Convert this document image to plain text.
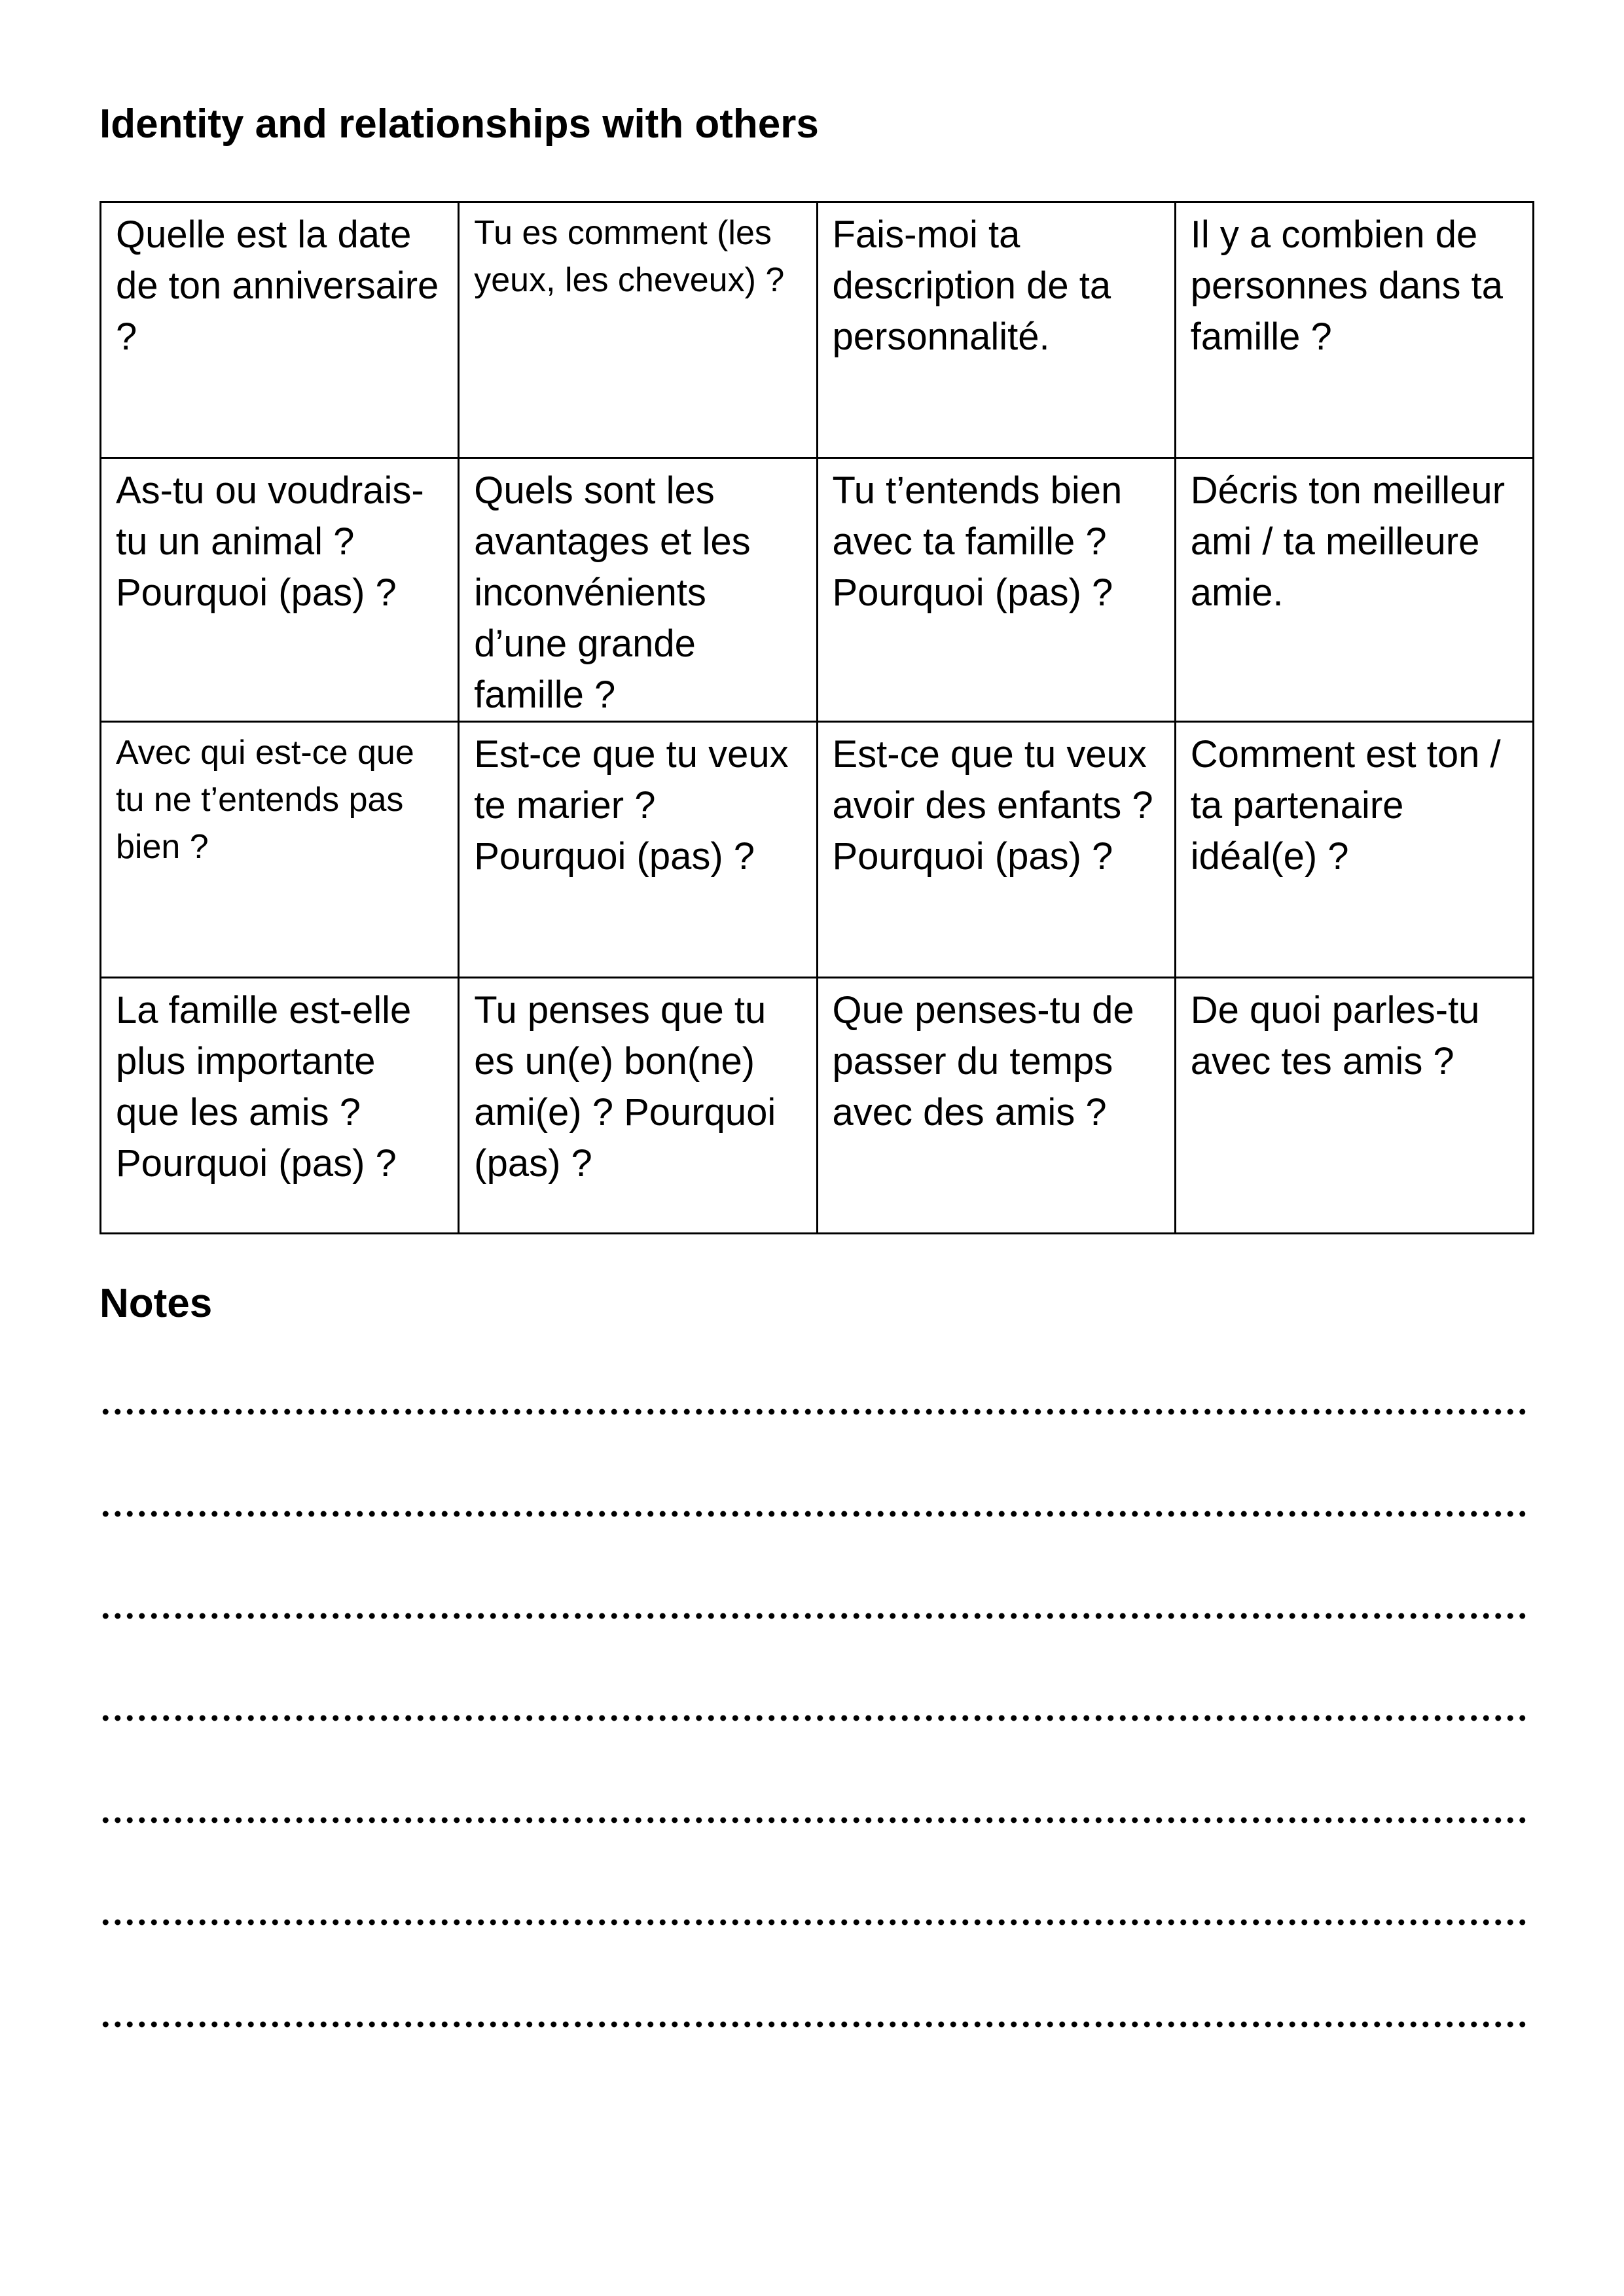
Identity and relationships with others
Quelle est la date de ton anniversaire ?	Tu es comment (les yeux, les cheveux) ?	Fais-moi ta description de ta personnalité.	Il y a combien de personnes dans ta famille ?
As-tu ou voudrais-tu un animal ? Pourquoi (pas) ?	Quels sont les avantages et les inconvénients d’une grande famille ?	Tu t’entends bien avec ta famille ? Pourquoi (pas) ?	Décris ton meilleur ami / ta meilleure amie.
Avec qui est-ce que tu ne t’entends pas bien ?	Est-ce que tu veux te marier ? Pourquoi (pas) ?	Est-ce que tu veux avoir des enfants ? Pourquoi (pas) ?	Comment est ton / ta partenaire idéal(e) ?
La famille est-elle plus importante que les amis ? Pourquoi (pas) ?	Tu penses que tu es un(e) bon(ne) ami(e) ? Pourquoi (pas) ?	Que penses-tu de passer du temps avec des amis ?	De quoi parles-tu avec tes amis ?
Notes
